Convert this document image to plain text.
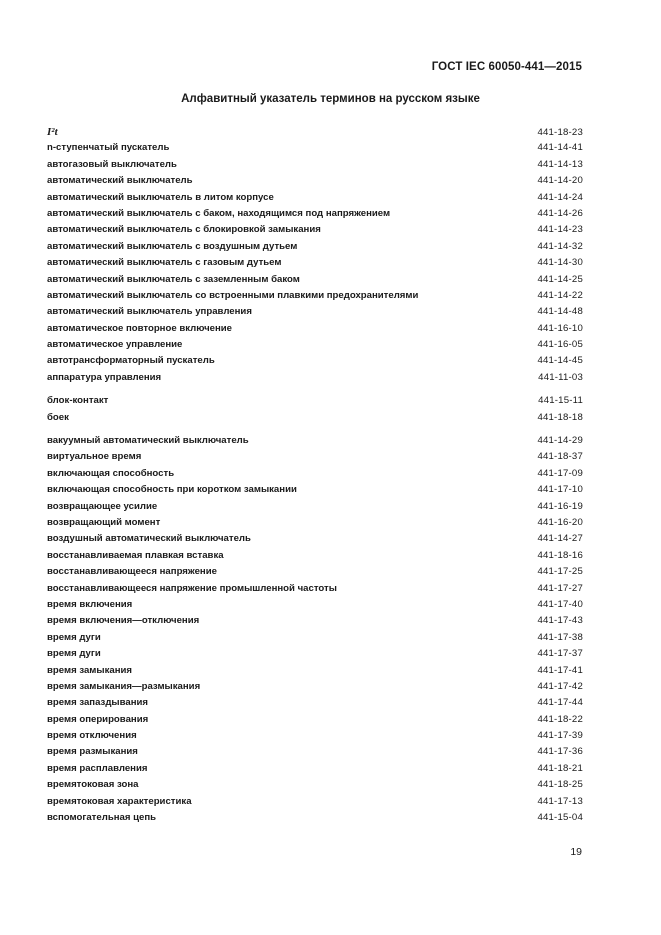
ГОСТ IEC 60050-441—2015
Алфавитный указатель терминов на русском языке
I²t	441-18-23
n-ступенчатый пускатель	441-14-41
автогазовый выключатель	441-14-13
автоматический выключатель	441-14-20
автоматический выключатель в литом корпусе	441-14-24
автоматический выключатель с баком, находящимся под напряжением	441-14-26
автоматический выключатель с блокировкой замыкания	441-14-23
автоматический выключатель с воздушным дутьем	441-14-32
автоматический выключатель с газовым дутьем	441-14-30
автоматический выключатель с заземленным баком	441-14-25
автоматический выключатель со встроенными плавкими предохранителями	441-14-22
автоматический выключатель управления	441-14-48
автоматическое повторное включение	441-16-10
автоматическое управление	441-16-05
автотрансформаторный пускатель	441-14-45
аппаратура управления	441-11-03
блок-контакт	441-15-11
боек	441-18-18
вакуумный автоматический выключатель	441-14-29
виртуальное время	441-18-37
включающая способность	441-17-09
включающая способность при коротком замыкании	441-17-10
возвращающее усилие	441-16-19
возвращающий момент	441-16-20
воздушный автоматический выключатель	441-14-27
восстанавливаемая плавкая вставка	441-18-16
восстанавливающееся напряжение	441-17-25
восстанавливающееся напряжение промышленной частоты	441-17-27
время включения	441-17-40
время включения—отключения	441-17-43
время дуги	441-17-38
время дуги	441-17-37
время замыкания	441-17-41
время замыкания—размыкания	441-17-42
время запаздывания	441-17-44
время оперирования	441-18-22
время отключения	441-17-39
время размыкания	441-17-36
время расплавления	441-18-21
времятоковая зона	441-18-25
времятоковая характеристика	441-17-13
вспомогательная цепь	441-15-04
19
